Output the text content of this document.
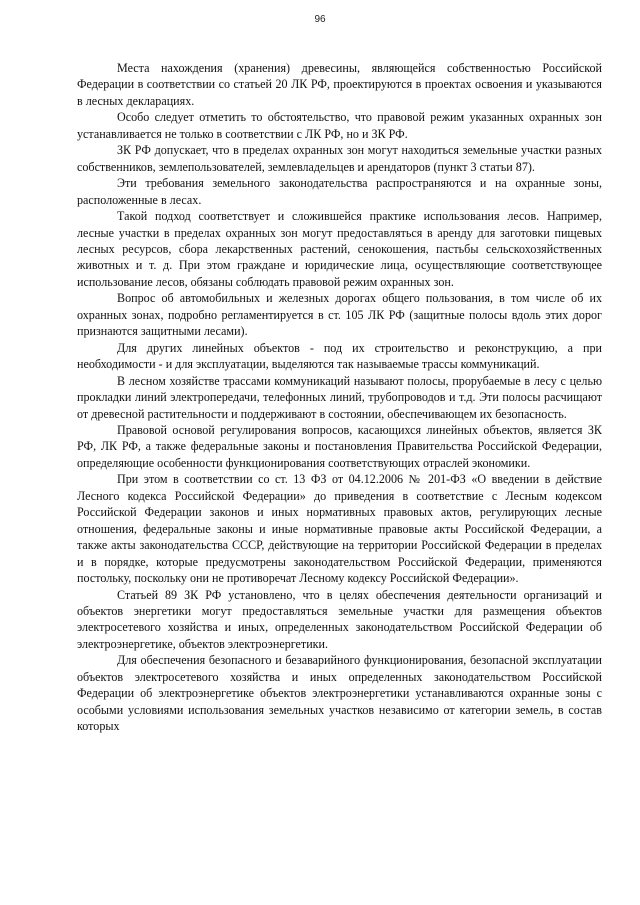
96

Места нахождения (хранения) древесины, являющейся собственностью Российской Федерации в соответствии со статьей 20 ЛК РФ, проектируются в проектах освоения и указываются в лесных декларациях.

Особо следует отметить то обстоятельство, что правовой режим указанных охранных зон устанавливается не только в соответствии с ЛК РФ, но и ЗК РФ.

ЗК РФ допускает, что в пределах охранных зон могут находиться земельные участки разных собственников, землепользователей, землевладельцев и арендаторов (пункт 3 статьи 87).

Эти требования земельного законодательства распространяются и на охранные зоны, расположенные в лесах.

Такой подход соответствует и сложившейся практике использования лесов. Например, лесные участки в пределах охранных зон могут предоставляться в аренду для заготовки пищевых лесных ресурсов, сбора лекарственных растений, сенокошения, пастьбы сельскохозяйственных животных и т. д. При этом граждане и юридические лица, осуществляющие соответствующее использование лесов, обязаны соблюдать правовой режим охранных зон.

Вопрос об автомобильных и железных дорогах общего пользования, в том числе об их охранных зонах, подробно регламентируется в ст. 105 ЛК РФ (защитные полосы вдоль этих дорог признаются защитными лесами).

Для других линейных объектов - под их строительство и реконструкцию, а при необходимости - и для эксплуатации, выделяются так называемые трассы коммуникаций.

В лесном хозяйстве трассами коммуникаций называют полосы, прорубаемые в лесу с целью прокладки линий электропередачи, телефонных линий, трубопроводов и т.д. Эти полосы расчищают от древесной растительности и поддерживают в состоянии, обеспечивающем их безопасность.

Правовой основой регулирования вопросов, касающихся линейных объектов, является ЗК РФ, ЛК РФ, а также федеральные законы и постановления Правительства Российской Федерации, определяющие особенности функционирования соответствующих отраслей экономики.

При этом в соответствии со ст. 13 ФЗ от 04.12.2006 № 201-ФЗ «О введении в действие Лесного кодекса Российской Федерации» до приведения в соответствие с Лесным кодексом Российской Федерации законов и иных нормативных правовых актов, регулирующих лесные отношения, федеральные законы и иные нормативные правовые акты Российской Федерации, а также акты законодательства СССР, действующие на территории Российской Федерации в пределах и в порядке, которые предусмотрены законодательством Российской Федерации, применяются постольку, поскольку они не противоречат Лесному кодексу Российской Федерации».

Статьей 89 ЗК РФ установлено, что в целях обеспечения деятельности организаций и объектов энергетики могут предоставляться земельные участки для размещения объектов электросетевого хозяйства и иных, определенных законодательством Российской Федерации об электроэнергетике, объектов электроэнергетики.

Для обеспечения безопасного и безаварийного функционирования, безопасной эксплуатации объектов электросетевого хозяйства и иных определенных законодательством Российской Федерации об электроэнергетике объектов электроэнергетики устанавливаются охранные зоны с особыми условиями использования земельных участков независимо от категории земель, в состав которых
